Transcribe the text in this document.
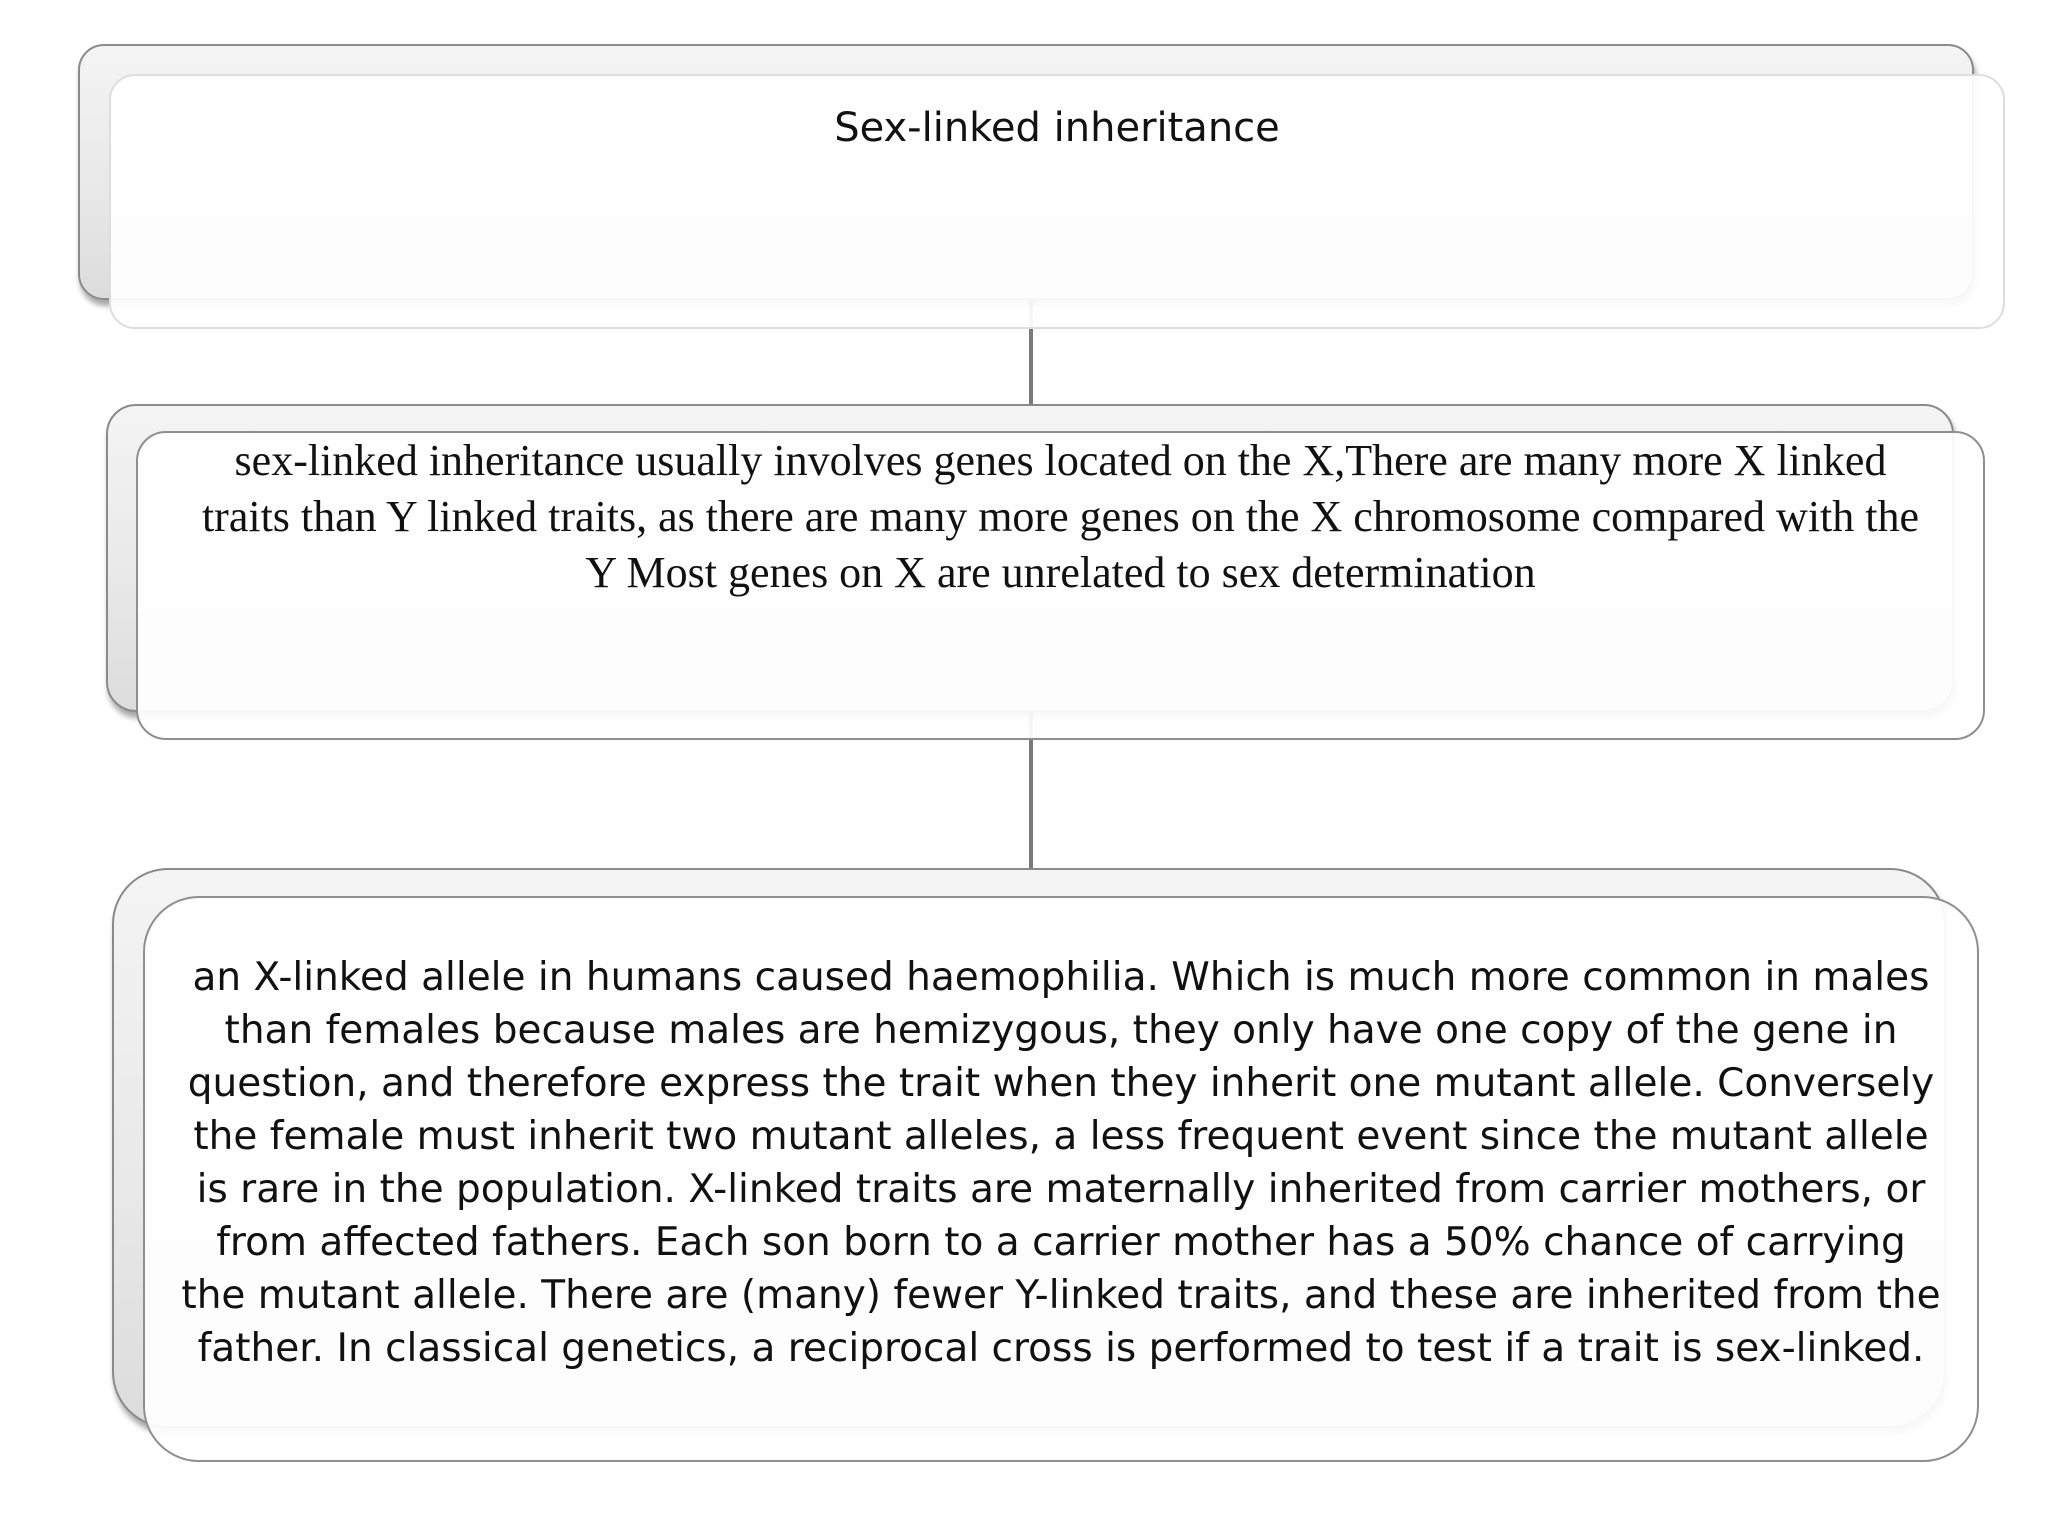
Sex-linked inheritance
sex-linked inheritance usually involves genes located on the X,There are many more X linked traits than Y linked traits, as there are many more genes on the X chromosome compared with the Y Most genes on X are unrelated to sex determination
an X-linked allele in humans caused haemophilia. Which is much more common in males than females because males are hemizygous, they only have one copy of the gene in question, and therefore express the trait when they inherit one mutant allele. Conversely the female must inherit two mutant alleles, a less frequent event since the mutant allele is rare in the population. X-linked traits are maternally inherited from carrier mothers, or from affected fathers. Each son born to a carrier mother has a 50% chance of carrying the mutant allele. There are (many) fewer Y-linked traits, and these are inherited from the father. In classical genetics, a reciprocal cross is performed to test if a trait is sex-linked.
